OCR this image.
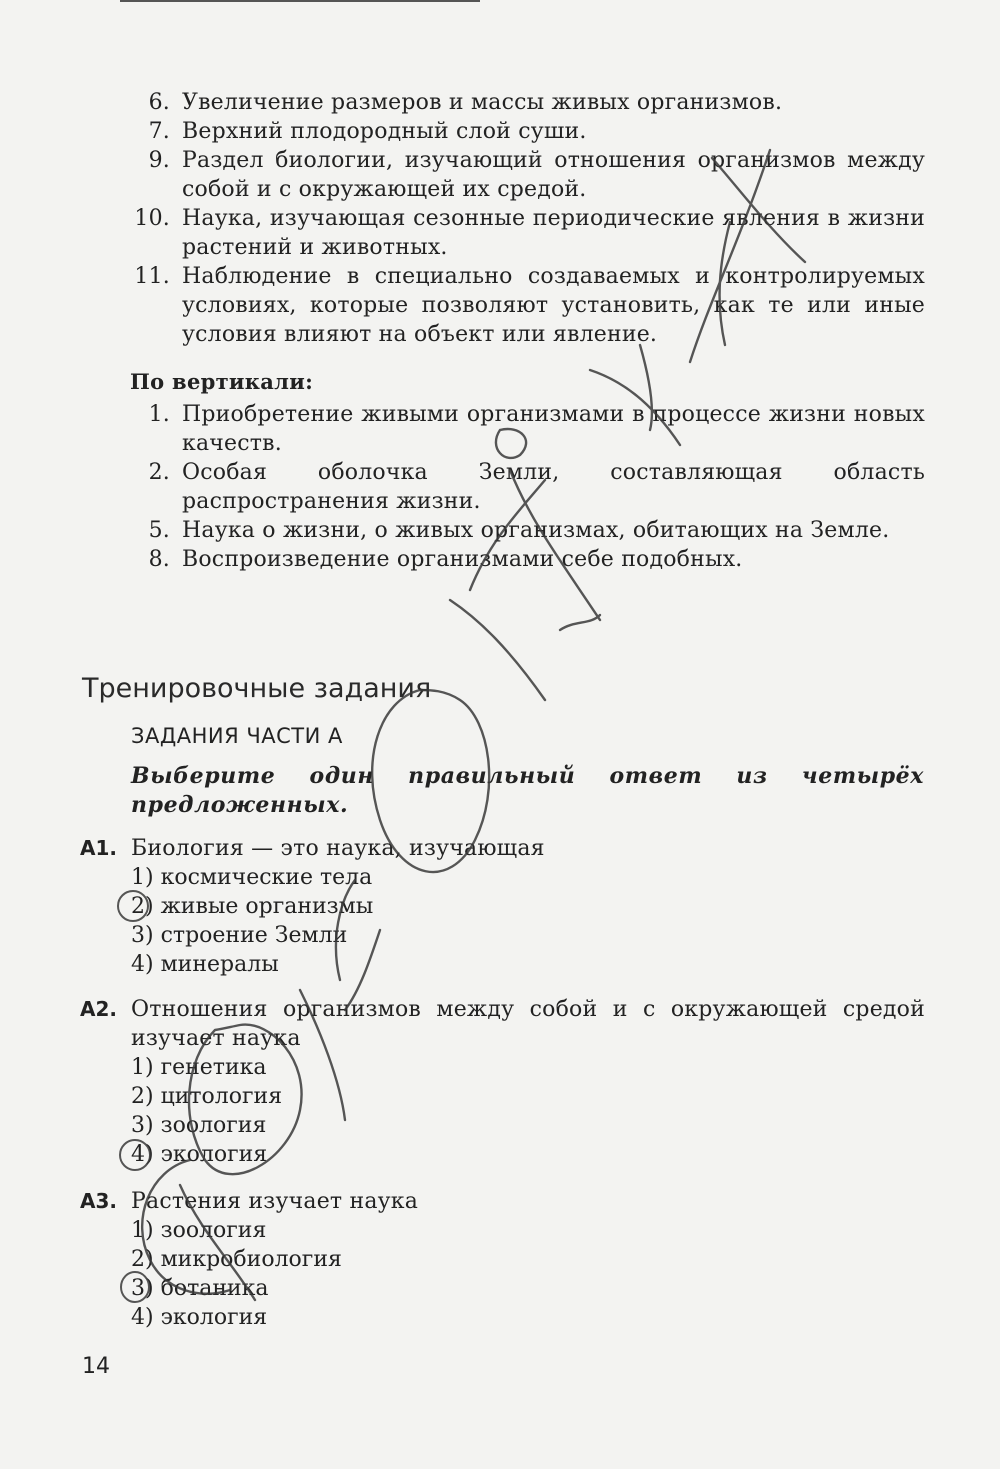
6. Увеличение размеров и массы живых организмов.
7. Верхний плодородный слой суши.
9. Раздел биологии, изучающий отношения организмов между собой и с окружающей их средой.
10. Наука, изучающая сезонные периодические явления в жизни растений и животных.
11. Наблюдение в специально создаваемых и контролируемых условиях, которые позволяют установить, как те или иные условия влияют на объект или явление.
По вертикали:
1. Приобретение живыми организмами в процессе жизни новых качеств.
2. Особая оболочка Земли, составляющая область распространения жизни.
5. Наука о жизни, о живых организмах, обитающих на Земле.
8. Воспроизведение организмами себе подобных.
Тренировочные задания
ЗАДАНИЯ ЧАСТИ А
Выберите один правильный ответ из четырёх предложенных.
A1. Биология — это наука, изучающая
1) космические тела
2) живые организмы
3) строение Земли
4) минералы
A2. Отношения организмов между собой и с окружающей средой изучает наука
1) генетика
2) цитология
3) зоология
4) экология
A3. Растения изучает наука
1) зоология
2) микробиология
3) ботаника
4) экология
14
